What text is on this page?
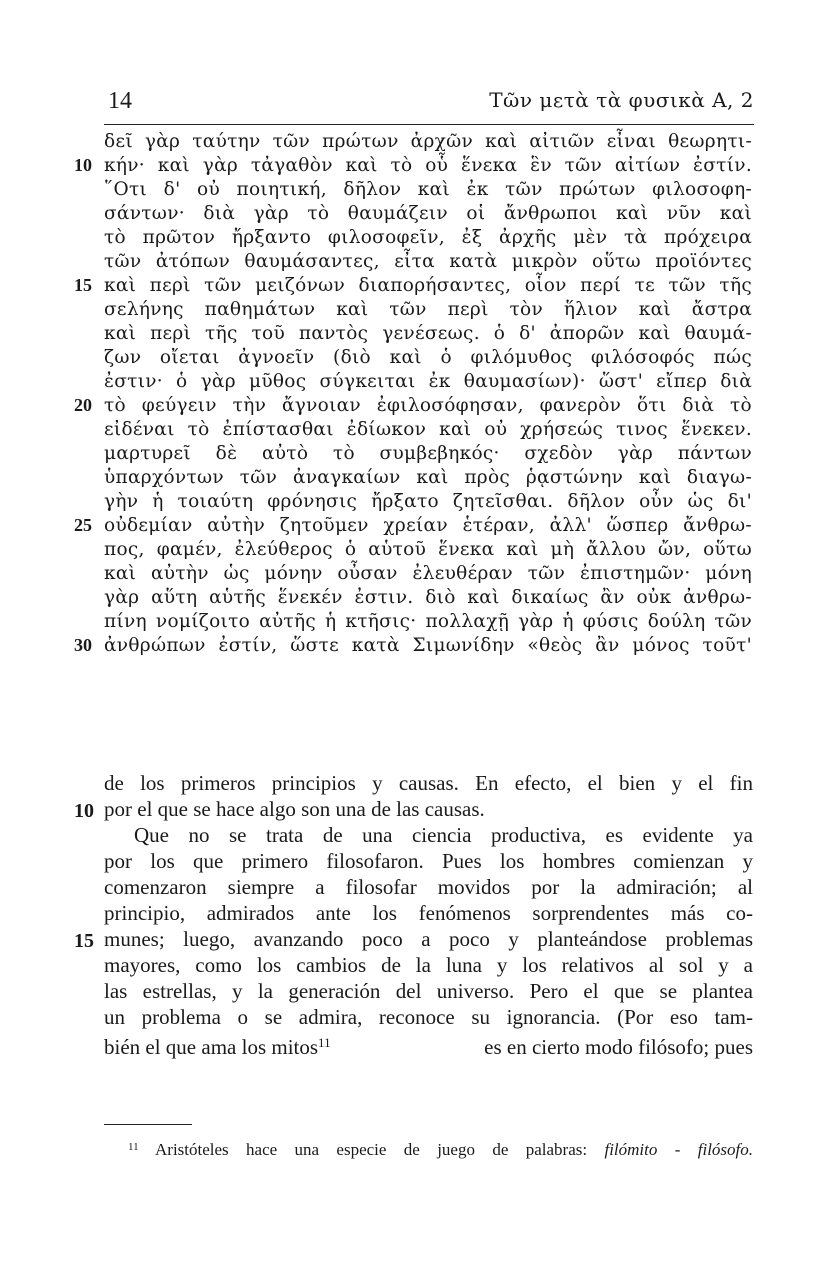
14	Τῶν μετὰ τὰ φυσικὰ Α, 2
δεῖ γὰρ ταύτην τῶν πρώτων ἀρχῶν καὶ αἰτιῶν εἶναι θεωρητι-
κήν· καὶ γὰρ τἀγαθὸν καὶ τὸ οὗ ἕνεκα ἓν τῶν αἰτίων ἐστίν.
῞Οτι δ' οὐ ποιητική, δῆλον καὶ ἐκ τῶν πρώτων φιλοσοφη-
σάντων· διὰ γὰρ τὸ θαυμάζειν οἱ ἄνθρωποι καὶ νῦν καὶ
τὸ πρῶτον ἤρξαντο φιλοσοφεῖν, ἐξ ἀρχῆς μὲν τὰ πρόχειρα
τῶν ἀτόπων θαυμάσαντες, εἶτα κατὰ μικρὸν οὕτω προϊόντες
καὶ περὶ τῶν μειζόνων διαπορήσαντες, οἷον περί τε τῶν τῆς
σελήνης παθημάτων καὶ τῶν περὶ τὸν ἥλιον καὶ ἄστρα
καὶ περὶ τῆς τοῦ παντὸς γενέσεως. ὁ δ' ἀπορῶν καὶ θαυμά-
ζων οἴεται ἀγνοεῖν (διὸ καὶ ὁ φιλόμυθος φιλόσοφός πώς
ἐστιν· ὁ γὰρ μῦθος σύγκειται ἐκ θαυμασίων)· ὥστ' εἴπερ διὰ
τὸ φεύγειν τὴν ἄγνοιαν ἐφιλοσόφησαν, φανερὸν ὅτι διὰ τὸ
εἰδέναι τὸ ἐπίστασθαι ἐδίωκον καὶ οὐ χρήσεώς τινος ἕνεκεν.
μαρτυρεῖ δὲ αὐτὸ τὸ συμβεβηκός· σχεδὸν γὰρ πάντων
ὑπαρχόντων τῶν ἀναγκαίων καὶ πρὸς ῥᾳστώνην καὶ διαγω-
γὴν ἡ τοιαύτη φρόνησις ἤρξατο ζητεῖσθαι. δῆλον οὖν ὡς δι'
οὐδεμίαν αὐτὴν ζητοῦμεν χρείαν ἑτέραν, ἀλλ' ὥσπερ ἄνθρω-
πος, φαμέν, ἐλεύθερος ὁ αὑτοῦ ἕνεκα καὶ μὴ ἄλλου ὤν, οὕτω
καὶ αὐτὴν ὡς μόνην οὖσαν ἐλευθέραν τῶν ἐπιστημῶν· μόνη
γὰρ αὕτη αὑτῆς ἕνεκέν ἐστιν. διὸ καὶ δικαίως ἂν οὐκ ἀνθρω-
πίνη νομίζοιτο αὐτῆς ἡ κτῆσις· πολλαχῇ γὰρ ἡ φύσις δούλη τῶν
ἀνθρώπων ἐστίν, ὥστε κατὰ Σιμωνίδην «θεὸς ἂν μόνος τοῦτ'
10
15
20
25
30
de los primeros principios y causas. En efecto, el bien y el fin
por el que se hace algo son una de las causas.
Que no se trata de una ciencia productiva, es evidente ya
por los que primero filosofaron. Pues los hombres comienzan y
comenzaron siempre a filosofar movidos por la admiración; al
principio, admirados ante los fenómenos sorprendentes más co-
munes; luego, avanzando poco a poco y planteándose problemas
mayores, como los cambios de la luna y los relativos al sol y a
las estrellas, y la generación del universo. Pero el que se plantea
un problema o se admira, reconoce su ignorancia. (Por eso tam-
bién el que ama los mitos$^{11}$	es en cierto modo filósofo; pues
10
15
$^{11}$ Aristóteles hace una especie de juego de palabras: filómito - filósofo.
